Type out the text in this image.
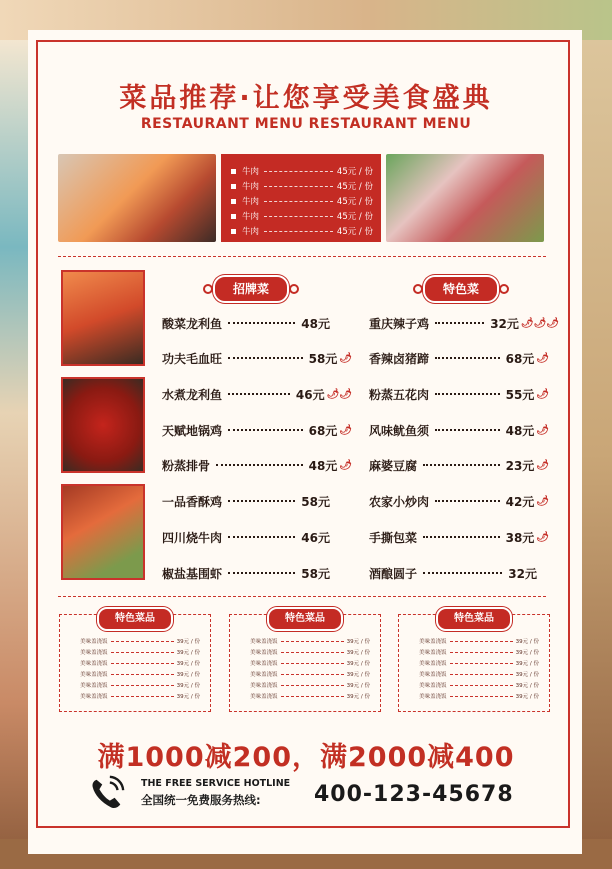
菜品推荐·让您享受美食盛典
RESTAURANT MENU RESTAURANT MENU
牛肉	45元 / 份
牛肉	45元 / 份
牛肉	45元 / 份
牛肉	45元 / 份
牛肉	45元 / 份
招牌菜	特色菜
酸菜龙利鱼	48元
功夫毛血旺	58元 🌶
水煮龙利鱼	46元 🌶🌶
天赋地锅鸡	68元 🌶
粉蒸排骨	48元 🌶
一品香酥鸡	58元
四川烧牛肉	46元
椒盐基围虾	58元
重庆辣子鸡	32元 🌶🌶🌶
香辣卤猪蹄	68元 🌶
粉蒸五花肉	55元 🌶
风味鱿鱼须	48元 🌶
麻婆豆腐	23元 🌶
农家小炒肉	42元 🌶
手撕包菜	38元 🌶
酒酿圆子	32元
特色菜品
美味盖浇饭	39元 / 份
美味盖浇饭	39元 / 份
美味盖浇饭	39元 / 份
美味盖浇饭	39元 / 份
美味盖浇饭	39元 / 份
美味盖浇饭	39元 / 份
特色菜品
美味盖浇饭	39元 / 份
美味盖浇饭	39元 / 份
美味盖浇饭	39元 / 份
美味盖浇饭	39元 / 份
美味盖浇饭	39元 / 份
美味盖浇饭	39元 / 份
特色菜品
美味盖浇饭	39元 / 份
美味盖浇饭	39元 / 份
美味盖浇饭	39元 / 份
美味盖浇饭	39元 / 份
美味盖浇饭	39元 / 份
美味盖浇饭	39元 / 份
满1000减200，满2000减400
THE FREE SERVICE HOTLINE
全国统一免费服务热线: 400-123-45678
